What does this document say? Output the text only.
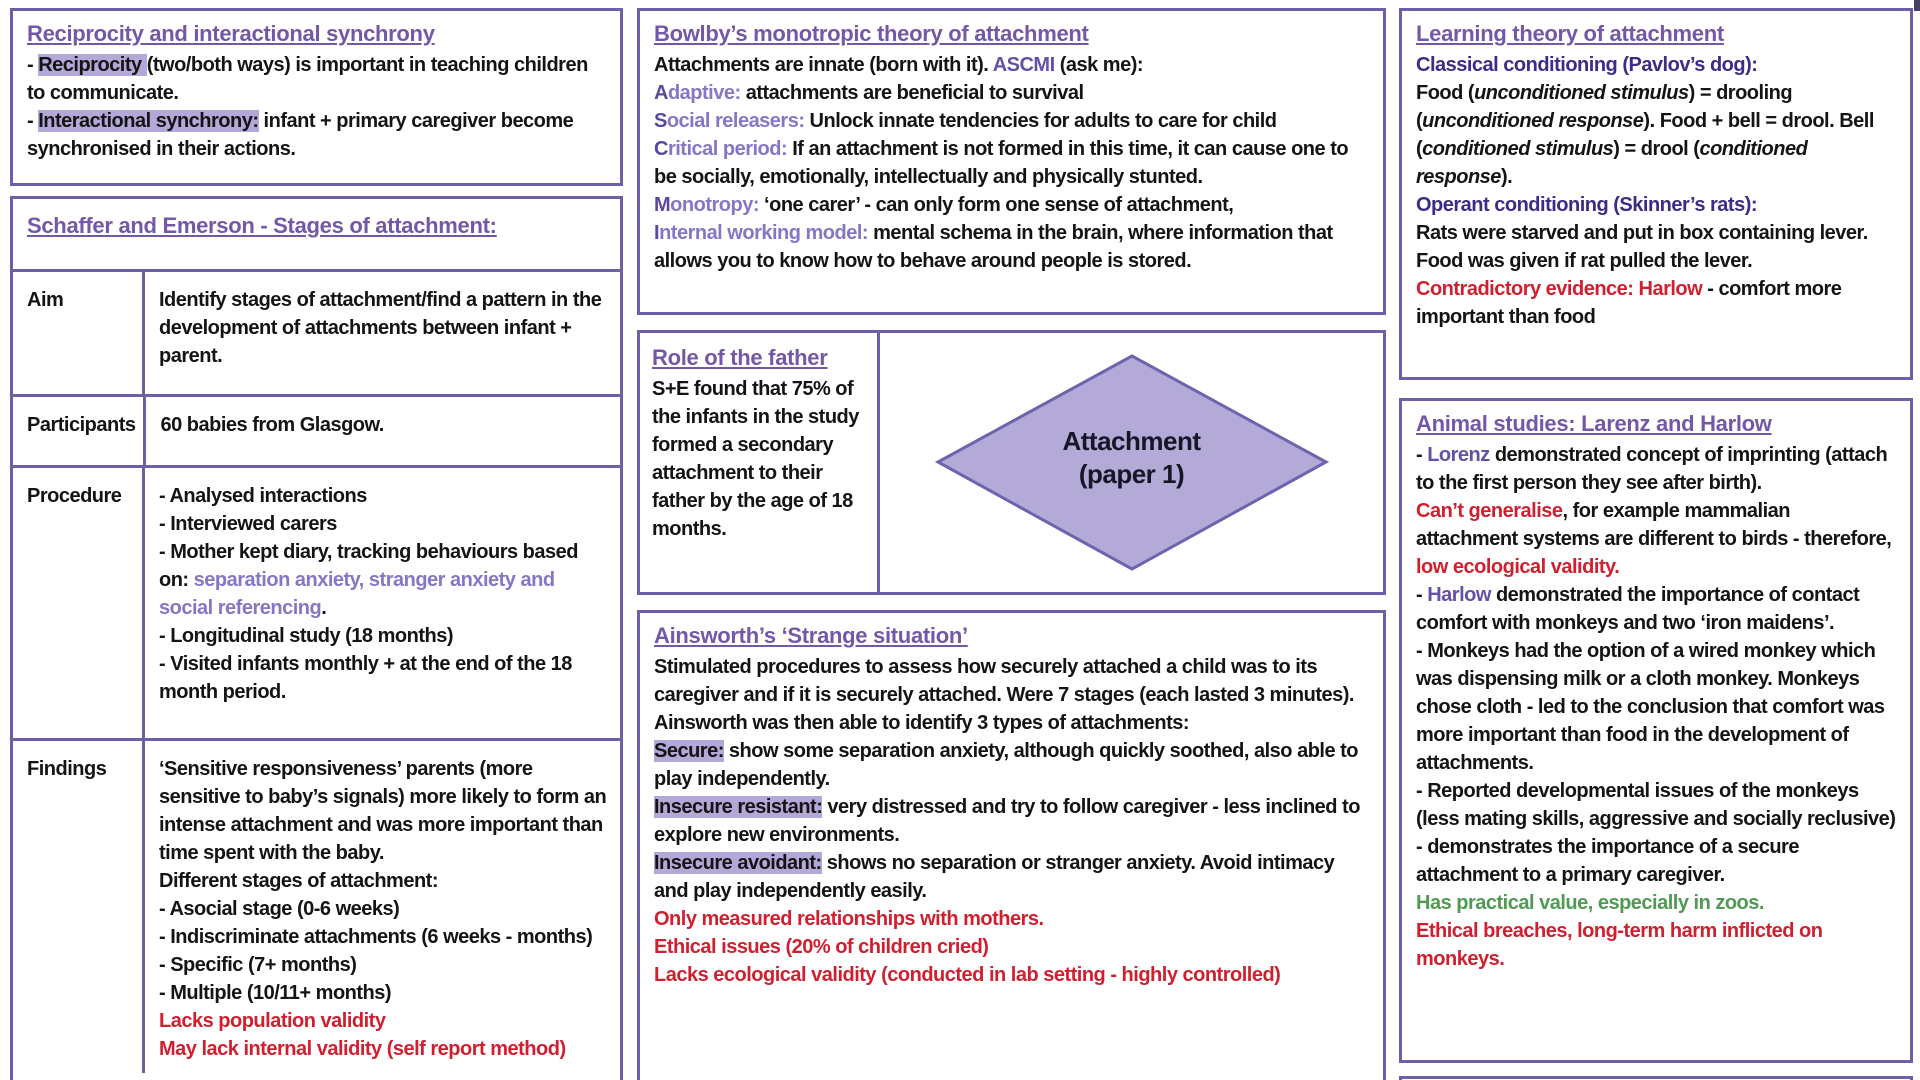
Reciprocity and interactional synchrony
- Reciprocity (two/both ways) is important in teaching children to communicate.
- Interactional synchrony: infant + primary caregiver become synchronised in their actions.
Schaffer and Emerson - Stages of attachment:
Aim	Identify stages of attachment/find a pattern in the development of attachments between infant + parent.
Participants	60 babies from Glasgow.
Procedure	- Analysed interactions
- Interviewed carers
- Mother kept diary, tracking behaviours based on: separation anxiety, stranger anxiety and social referencing.
- Longitudinal study (18 months)
- Visited infants monthly + at the end of the 18 month period.
Findings	‘Sensitive responsiveness’ parents (more sensitive to baby’s signals) more likely to form an intense attachment and was more important than time spent with the baby.
Different stages of attachment:
- Asocial stage (0-6 weeks)
- Indiscriminate attachments (6 weeks - months)
- Specific (7+ months)
- Multiple (10/11+ months)
Lacks population validity
May lack internal validity (self report method)
Bowlby’s monotropic theory of attachment
Attachments are innate (born with it). ASCMI (ask me):
Adaptive: attachments are beneficial to survival
Social releasers: Unlock innate tendencies for adults to care for child
Critical period: If an attachment is not formed in this time, it can cause one to be socially, emotionally, intellectually and physically stunted.
Monotropy: ‘one carer’ - can only form one sense of attachment,
Internal working model: mental schema in the brain, where information that allows you to know how to behave around people is stored.
Role of the father
S+E found that 75% of the infants in the study formed a secondary attachment to their father by the age of 18 months.
Attachment
(paper 1)
Ainsworth’s ‘Strange situation’
Stimulated procedures to assess how securely attached a child was to its caregiver and if it is securely attached. Were 7 stages (each lasted 3 minutes).
Ainsworth was then able to identify 3 types of attachments:
Secure: show some separation anxiety, although quickly soothed, also able to play independently.
Insecure resistant: very distressed and try to follow caregiver - less inclined to explore new environments.
Insecure avoidant: shows no separation or stranger anxiety. Avoid intimacy and play independently easily.
Only measured relationships with mothers.
Ethical issues (20% of children cried)
Lacks ecological validity (conducted in lab setting - highly controlled)
Learning theory of attachment
Classical conditioning (Pavlov’s dog):
Food (unconditioned stimulus) = drooling (unconditioned response). Food + bell = drool. Bell (conditioned stimulus) = drool (conditioned response).
Operant conditioning (Skinner’s rats):
Rats were starved and put in box containing lever. Food was given if rat pulled the lever.
Contradictory evidence: Harlow - comfort more important than food
Animal studies: Larenz and Harlow
- Lorenz demonstrated concept of imprinting (attach to the first person they see after birth).
Can’t generalise, for example mammalian attachment systems are different to birds - therefore, low ecological validity.
- Harlow demonstrated the importance of contact comfort with monkeys and two ‘iron maidens’.
- Monkeys had the option of a wired monkey which was dispensing milk or a cloth monkey. Monkeys chose cloth - led to the conclusion that comfort was more important than food in the development of attachments.
- Reported developmental issues of the monkeys (less mating skills, aggressive and socially reclusive) - demonstrates the importance of a secure attachment to a primary caregiver.
Has practical value, especially in zoos.
Ethical breaches, long-term harm inflicted on monkeys.
